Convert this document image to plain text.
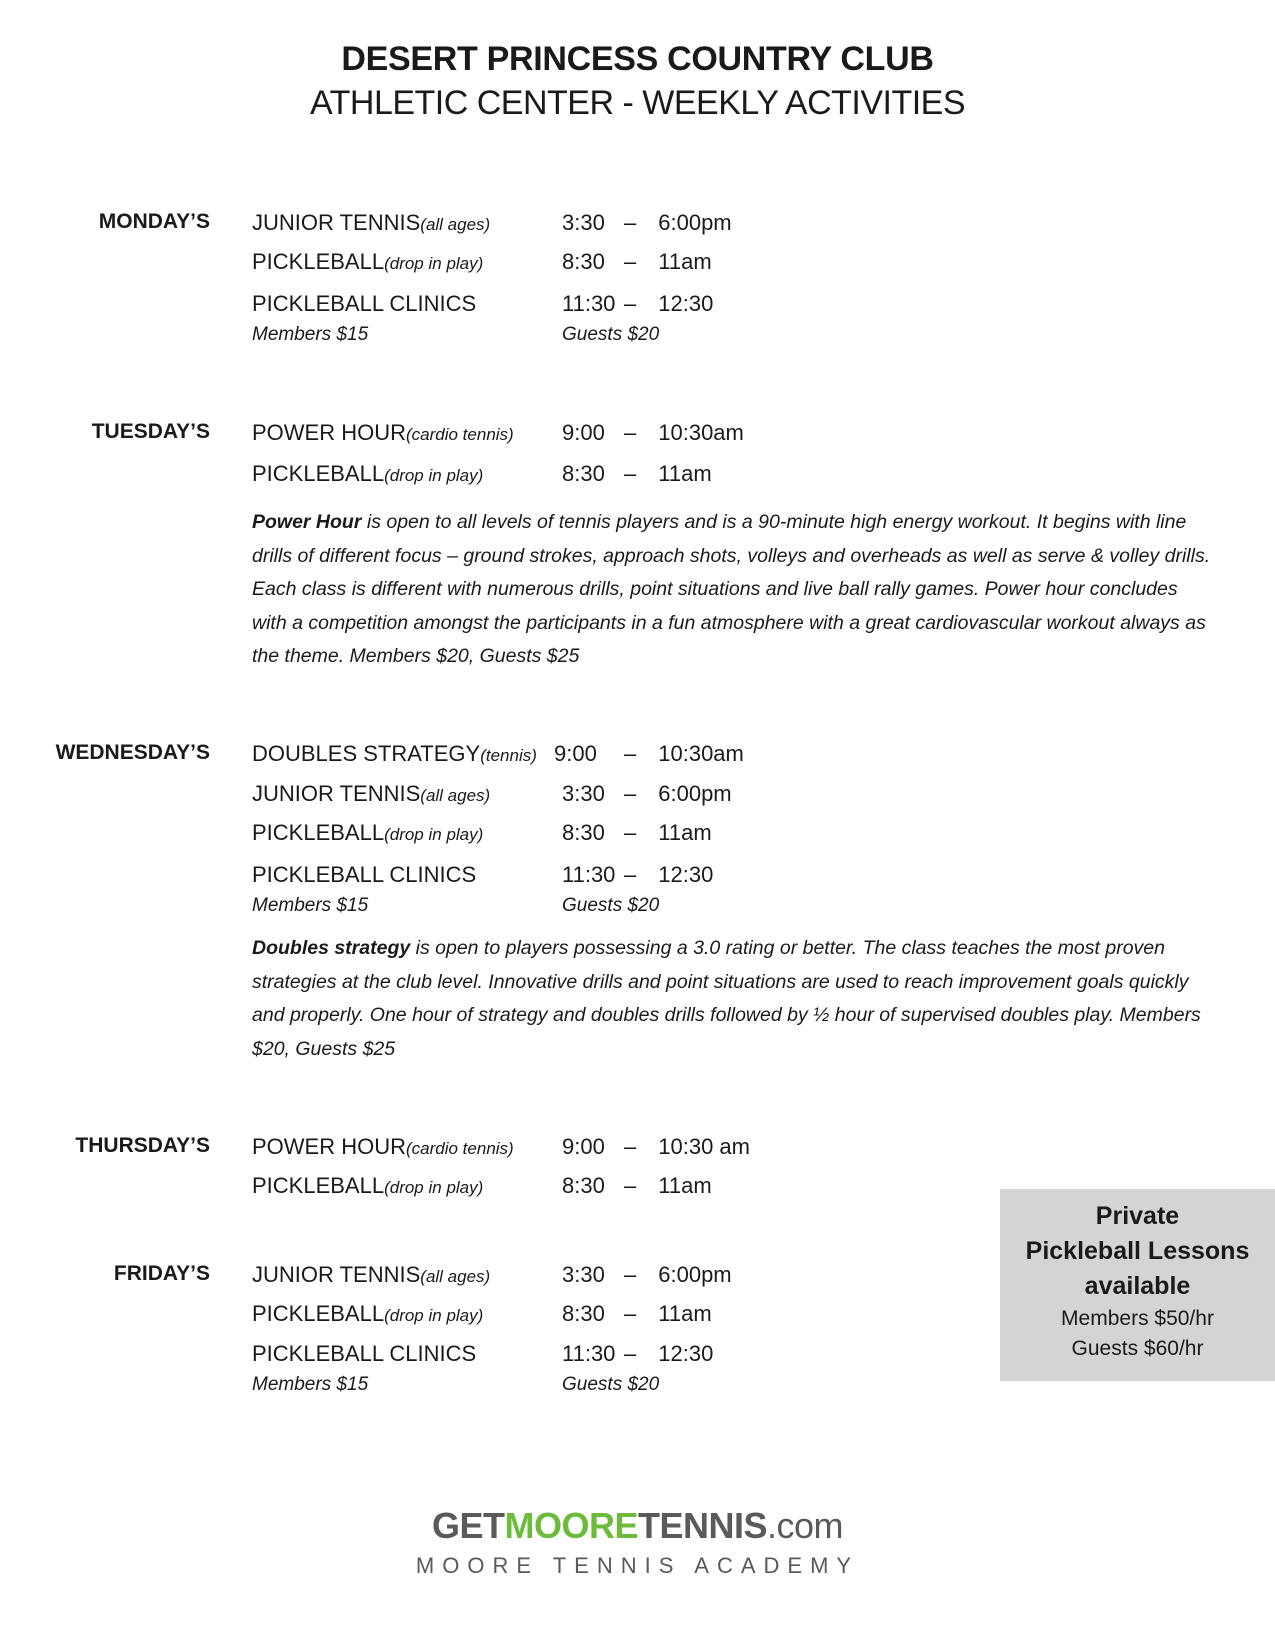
DESERT PRINCESS COUNTRY CLUB
ATHLETIC CENTER - WEEKLY ACTIVITIES
MONDAY’S JUNIOR TENNIS(all ages)	3:30 – 6:00pm
PICKLEBALL(drop in play)	8:30 – 11am
PICKLEBALL CLINICS	11:30 – 12:30
Members $15	Guests $20
TUESDAY’S POWER HOUR(cardio tennis) 9:00 – 10:30am
PICKLEBALL(drop in play)	8:30 – 11am
Power Hour is open to all levels of tennis players and is a 90-minute high energy workout. It begins with line drills of different focus – ground strokes, approach shots, volleys and overheads as well as serve & volley drills. Each class is different with numerous drills, point situations and live ball rally games. Power hour concludes with a competition amongst the participants in a fun atmosphere with a great cardiovascular workout always as the theme. Members $20, Guests $25
WEDNESDAY’S DOUBLES STRATEGY(tennis) 9:00 – 10:30am
JUNIOR TENNIS(all ages)	3:30 – 6:00pm
PICKLEBALL(drop in play)	8:30 – 11am
PICKLEBALL CLINICS	11:30 – 12:30
Members $15	Guests $20
Doubles strategy is open to players possessing a 3.0 rating or better. The class teaches the most proven strategies at the club level. Innovative drills and point situations are used to reach improvement goals quickly and properly. One hour of strategy and doubles drills followed by ½ hour of supervised doubles play. Members $20, Guests $25
THURSDAY’S POWER HOUR(cardio tennis) 9:00 – 10:30 am
PICKLEBALL(drop in play)	8:30 – 11am
FRIDAY’S JUNIOR TENNIS(all ages)	3:30 – 6:00pm
PICKLEBALL(drop in play)	8:30 – 11am
PICKLEBALL CLINICS	11:30 – 12:30
Members $15	Guests $20
Private
Pickleball Lessons
available
Members $50/hr
Guests $60/hr
GETMOORETENNIS.com
MOORE TENNIS ACADEMY
